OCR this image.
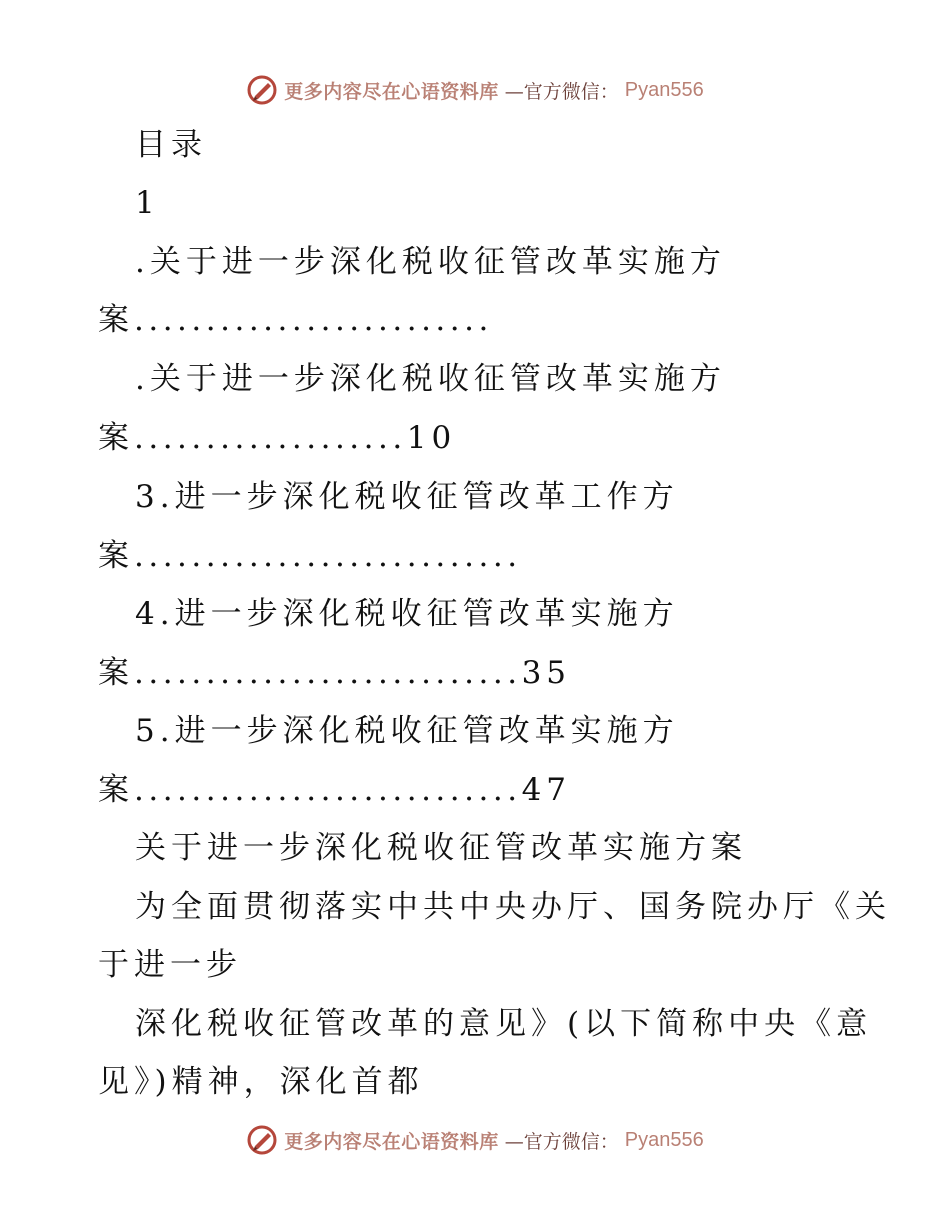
更多内容尽在心语资料库 —官方微信： Pyan556
目录
1
.关于进一步深化税收征管改革实施方
案.........................
.关于进一步深化税收征管改革实施方
案...................10
3.进一步深化税收征管改革工作方
案...........................
4.进一步深化税收征管改革实施方
案...........................35
5.进一步深化税收征管改革实施方
案...........................47
关于进一步深化税收征管改革实施方案
为全面贯彻落实中共中央办厅、国务院办厅《关
于进一步
深化税收征管改革的意见》(以下简称中央《意
见》)精神，深化首都
更多内容尽在心语资料库 —官方微信： Pyan556
